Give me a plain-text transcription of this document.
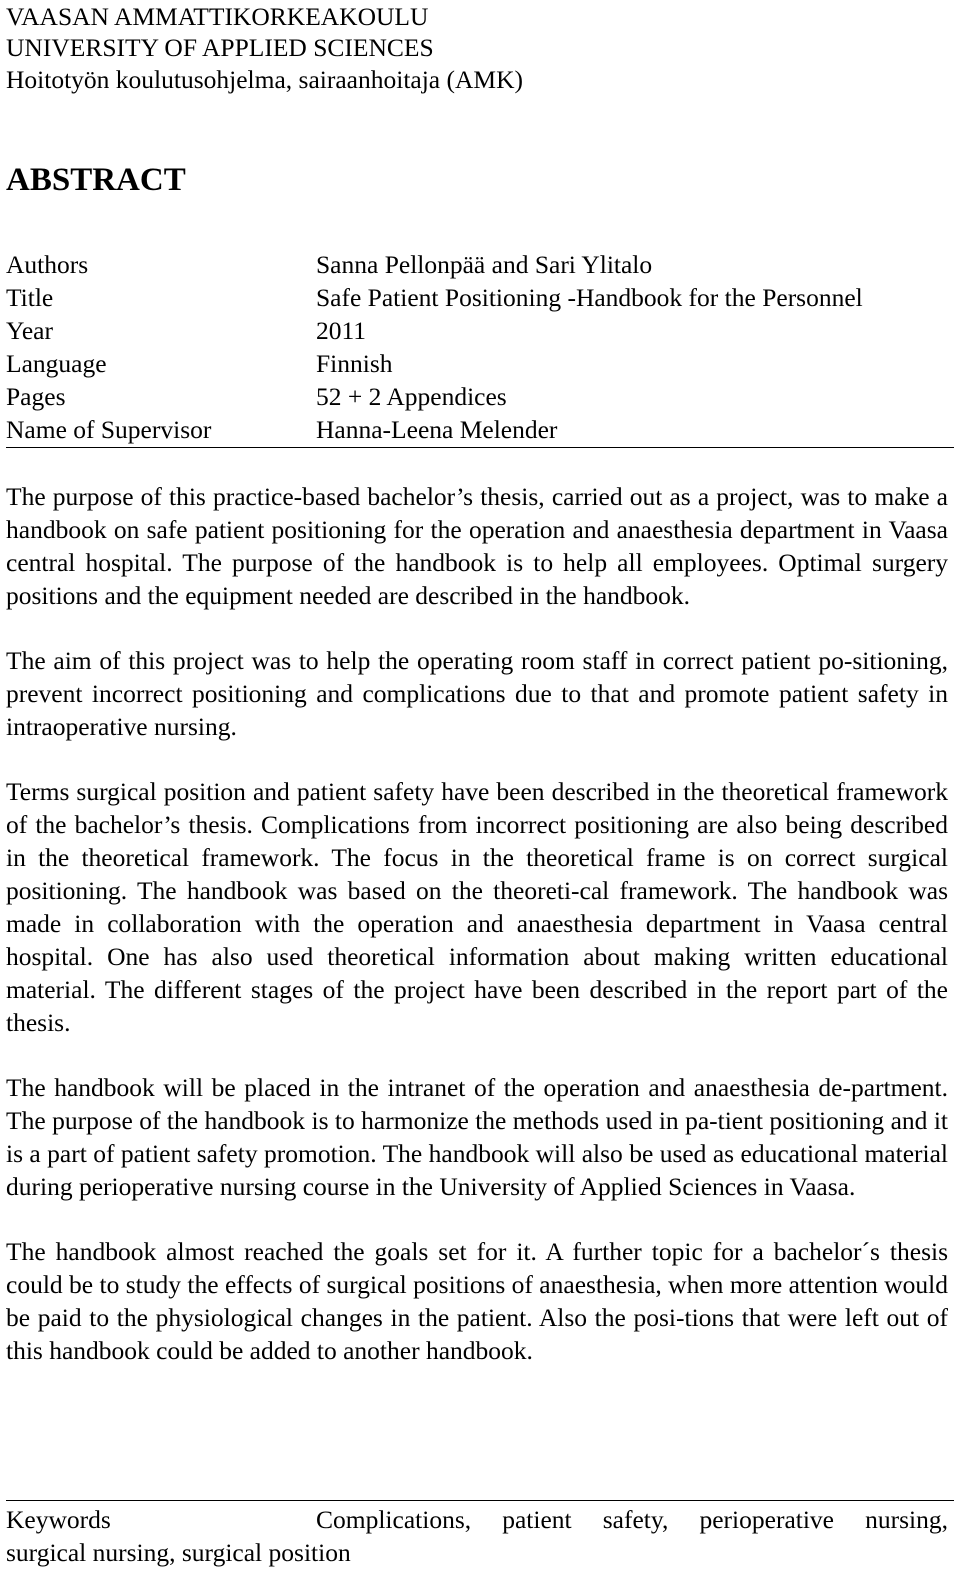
VAASAN AMMATTIKORKEAKOULU
UNIVERSITY OF APPLIED SCIENCES
Hoitotyön koulutusohjelma, sairaanhoitaja (AMK)
ABSTRACT
Authors	Sanna Pellonpää and Sari Ylitalo
Title	Safe Patient Positioning -Handbook for the Personnel
Year	2011
Language	Finnish
Pages	52 + 2 Appendices
Name of Supervisor	Hanna-Leena Melender

The purpose of this practice-based bachelor’s thesis, carried out as a project, was to make a handbook on safe patient positioning for the operation and anaesthesia department in Vaasa central hospital. The purpose of the handbook is to help all employees. Optimal surgery positions and the equipment needed are described in the handbook.

The aim of this project was to help the operating room staff in correct patient po-sitioning, prevent incorrect positioning and complications due to that and promote patient safety in intraoperative nursing.

Terms surgical position and patient safety have been described in the theoretical framework of the bachelor’s thesis. Complications from incorrect positioning are also being described in the theoretical framework. The focus in the theoretical frame is on correct surgical positioning. The handbook was based on the theoreti-cal framework. The handbook was made in collaboration with the operation and anaesthesia department in Vaasa central hospital. One has also used theoretical information about making written educational material. The different stages of the project have been described in the report part of the thesis.

The handbook will be placed in the intranet of the operation and anaesthesia de-partment. The purpose of the handbook is to harmonize the methods used in pa-tient positioning and it is a part of patient safety promotion. The handbook will also be used as educational material during perioperative nursing course in the University of Applied Sciences in Vaasa.

The handbook almost reached the goals set for it. A further topic for a bachelor´s thesis could be to study the effects of surgical positions of anaesthesia, when more attention would be paid to the physiological changes in the patient. Also the posi-tions that were left out of this handbook could be added to another handbook.

Keywords	Complications, patient safety, perioperative nursing,
surgical nursing, surgical position
